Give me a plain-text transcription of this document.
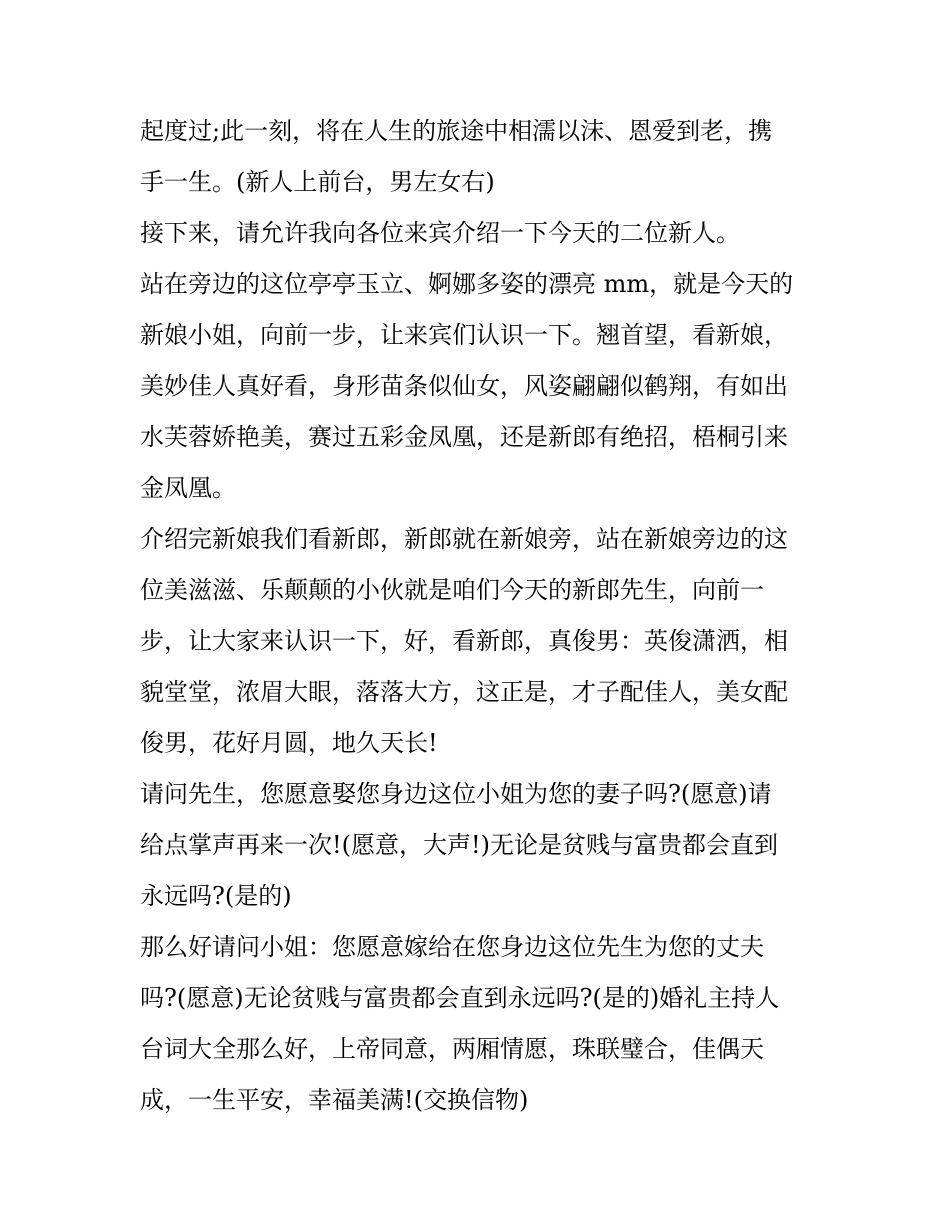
起度过;此一刻，将在人生的旅途中相濡以沫、恩爱到老，携
手一生。(新人上前台，男左女右)
接下来，请允许我向各位来宾介绍一下今天的二位新人。
站在旁边的这位亭亭玉立、婀娜多姿的漂亮 mm，就是今天的
新娘小姐，向前一步，让来宾们认识一下。翘首望，看新娘，
美妙佳人真好看，身形苗条似仙女，风姿翩翩似鹤翔，有如出
水芙蓉娇艳美，赛过五彩金凤凰，还是新郎有绝招，梧桐引来
金凤凰。
介绍完新娘我们看新郎，新郎就在新娘旁，站在新娘旁边的这
位美滋滋、乐颠颠的小伙就是咱们今天的新郎先生，向前一
步，让大家来认识一下，好，看新郎，真俊男：英俊潇洒，相
貌堂堂，浓眉大眼，落落大方，这正是，才子配佳人，美女配
俊男，花好月圆，地久天长!
请问先生，您愿意娶您身边这位小姐为您的妻子吗?(愿意)请
给点掌声再来一次!(愿意，大声!)无论是贫贱与富贵都会直到
永远吗?(是的)
那么好请问小姐：您愿意嫁给在您身边这位先生为您的丈夫
吗?(愿意)无论贫贱与富贵都会直到永远吗?(是的)婚礼主持人
台词大全那么好，上帝同意，两厢情愿，珠联璧合，佳偶天
成，一生平安，幸福美满!(交换信物)
